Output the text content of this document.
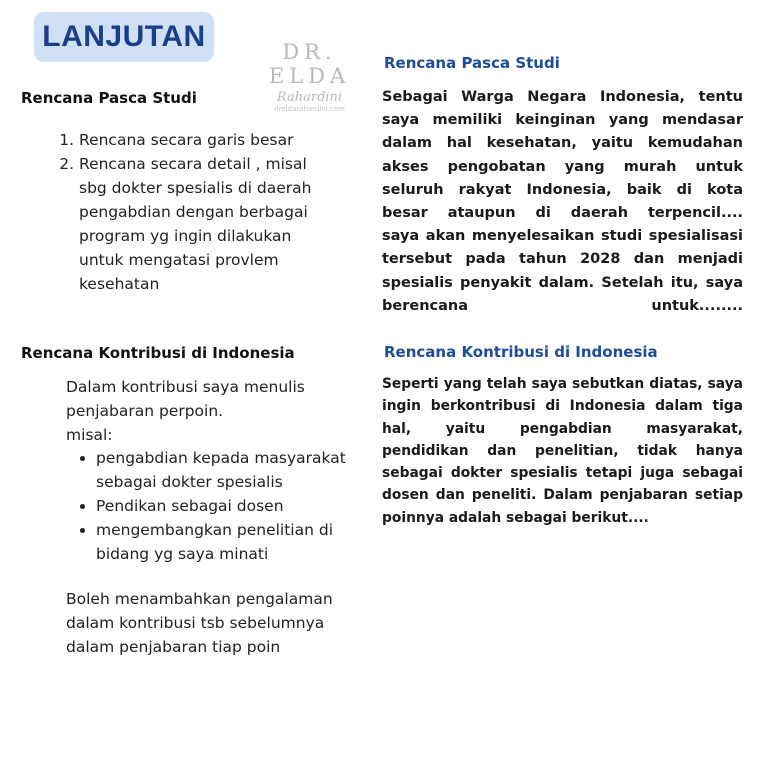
LANJUTAN	DR. ELDA
Rahardini
dreldarahardini.com
Rencana Pasca Studi
1. Rencana secara garis besar
2. Rencana secara detail , misal sbg dokter spesialis di daerah pengabdian dengan berbagai program yg ingin dilakukan untuk mengatasi provlem kesehatan
Rencana Kontribusi di Indonesia

Dalam kontribusi saya menulis

penjabaran perpoin.

misal:

• pengabdian kepada masyarakat sebagai dokter spesialis
• Pendikan sebagai dosen
• mengembangkan penelitian di bidang yg saya minati

Boleh menambahkan pengalaman dalam kontribusi tsb sebelumnya dalam penjabaran tiap poin

Rencana Pasca Studi
Sebagai Warga Negara Indonesia, tentu saya memiliki keinginan yang mendasar dalam hal kesehatan, yaitu kemudahan akses pengobatan yang murah untuk seluruh rakyat Indonesia, baik di kota besar ataupun di daerah terpencil....
saya akan menyelesaikan studi spesialisasi tersebut pada tahun 2028 dan menjadi spesialis penyakit dalam. Setelah itu, saya berencana untuk........
Rencana Kontribusi di Indonesia

Seperti yang telah saya sebutkan diatas, saya ingin berkontribusi di Indonesia dalam tiga hal, yaitu pengabdian masyarakat, pendidikan dan penelitian, tidak hanya sebagai dokter spesialis tetapi juga sebagai dosen dan peneliti. Dalam penjabaran setiap poinnya adalah sebagai berikut....
